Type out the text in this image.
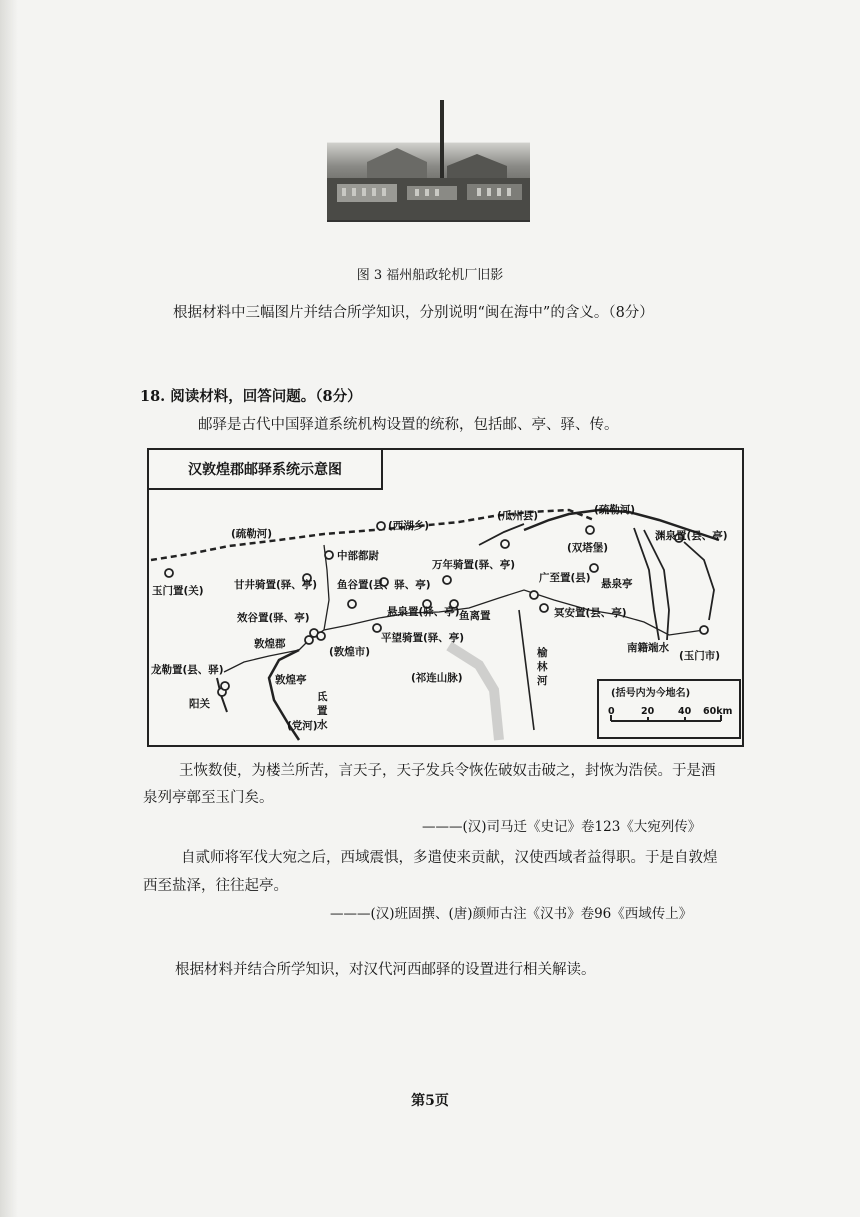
图 3 福州船政轮机厂旧影
根据材料中三幅图片并结合所学知识，分别说明“闽在海中”的含义。（8分）
18. 阅读材料，回答问题。（8分）
邮驿是古代中国驿道系统机构设置的统称，包括邮、亭、驿、传。
汉敦煌郡邮驿系统示意图
(疏勒河)
(西湖乡)
(瓜州县)	(疏勒河)
中部都尉
万年骑置(驿、亭)
(双塔堡)
渊泉置(县、亭)
玉门置(关)	甘井骑置(驿、亭) 鱼谷置(县、驿、亭)
广至置(县) 悬泉亭
效谷置(驿、亭)	悬泉置(驿、亭) 鱼离置	冥安置(县、亭)
(玉门市)
敦煌郡
(敦煌市)
平望骑置(驿、亭)
南籍端水
龙勒置(县、驿)
阳关
(祁连山脉)
(党河)
敦煌亭
氐置水
榆林河
(括号内为今地名)
0	20	40 60km
王恢数使，为楼兰所苦，言天子，天子发兵令恢佐破奴击破之，封恢为浩侯。于是酒
泉列亭鄣至玉门矣。
———(汉)司马迁《史记》卷123《大宛列传》
自贰师将军伐大宛之后，西域震惧，多遣使来贡献，汉使西域者益得职。于是自敦煌
西至盐泽，往往起亭。
———(汉)班固撰、(唐)颜师古注《汉书》卷96《西域传上》
根据材料并结合所学知识，对汉代河西邮驿的设置进行相关解读。
第5页
